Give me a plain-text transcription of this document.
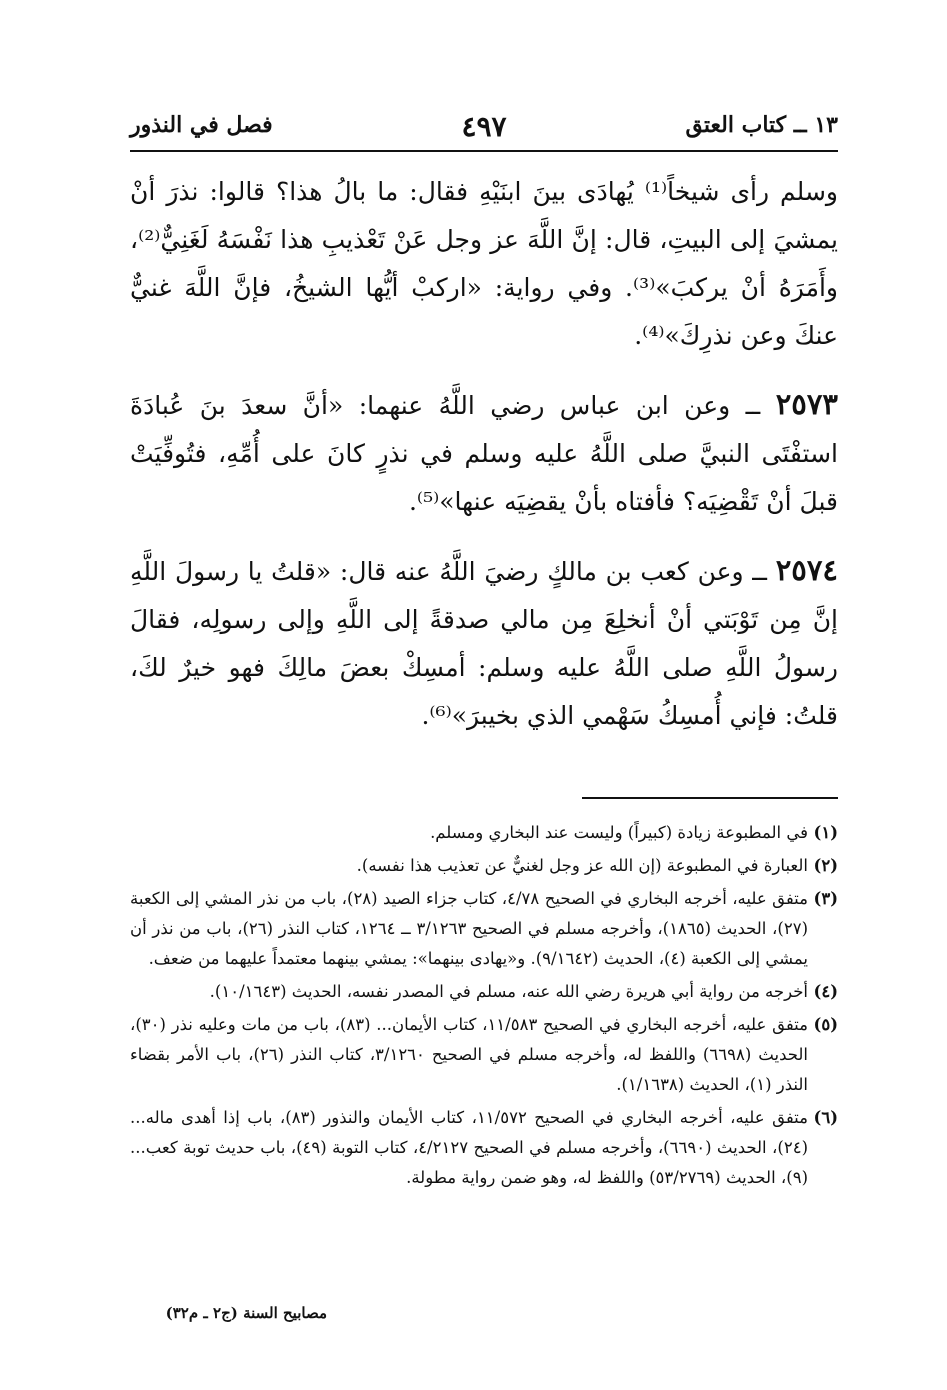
١٣ ــ كتاب العتق
٤٩٧
فصل في النذور

وسلم رأى شيخاً⁽¹⁾ يُهادَى بينَ ابنَيْهِ فقال: ما بالُ هذا؟ قالوا: نذرَ أنْ يمشيَ إلى البيتِ، قال: إنَّ اللَّهَ عز وجل عَنْ تَعْذيبِ هذا نَفْسَهُ لَغَنِيٌّ⁽²⁾، وأَمَرَهُ أنْ يركبَ»⁽³⁾. وفي رواية: «اركبْ أيُّها الشيخُ، فإنَّ اللَّهَ غنيٌّ عنكَ وعن نذرِكَ»⁽⁴⁾.

٢٥٧٣ ــ وعن ابن عباس رضي اللَّهُ عنهما: «أنَّ سعدَ بنَ عُبادَةَ استفْتَى النبيَّ صلى اللَّهُ عليه وسلم في نذرٍ كانَ على أُمِّهِ، فتُوفِّيَتْ قبلَ أنْ تَقْضِيَه؟ فأفتاه بأنْ يقضِيَه عنها»⁽⁵⁾.

٢٥٧٤ ــ وعن كعب بن مالكٍ رضيَ اللَّهُ عنه قال: «قلتُ يا رسولَ اللَّهِ إنَّ مِن تَوْبَتي أنْ أنخلِعَ مِن مالي صدقةً إلى اللَّهِ وإلى رسولِه، فقالَ رسولُ اللَّهِ صلى اللَّهُ عليه وسلم: أمسِكْ بعضَ مالِكَ فهو خيرٌ لكَ، قلتُ: فإني أُمسِكُ سَهْمي الذي بخيبرَ»⁽⁶⁾.

(١)
في المطبوعة زيادة (كبيراً) وليست عند البخاري ومسلم.
(٢)
العبارة في المطبوعة (إن الله عز وجل لغنيٌّ عن تعذيب هذا نفسه).
(٣)
متفق عليه، أخرجه البخاري في الصحيح ٤/٧٨، كتاب جزاء الصيد (٢٨)، باب من نذر المشي إلى الكعبة (٢٧)، الحديث (١٨٦٥)، وأخرجه مسلم في الصحيح ٣/١٢٦٣ ــ ١٢٦٤، كتاب النذر (٢٦)، باب من نذر أن يمشي إلى الكعبة (٤)، الحديث (٩/١٦٤٢). و«يهادى بينهما»: يمشي بينهما معتمداً عليهما من ضعف.
(٤)
أخرجه من رواية أبي هريرة رضي الله عنه، مسلم في المصدر نفسه، الحديث (١٠/١٦٤٣).
(٥)
متفق عليه، أخرجه البخاري في الصحيح ١١/٥٨٣، كتاب الأيمان... (٨٣)، باب من مات وعليه نذر (٣٠)، الحديث (٦٦٩٨) واللفظ له، وأخرجه مسلم في الصحيح ٣/١٢٦٠، كتاب النذر (٢٦)، باب الأمر بقضاء النذر (١)، الحديث (١/١٦٣٨).
(٦)
متفق عليه، أخرجه البخاري في الصحيح ١١/٥٧٢، كتاب الأيمان والنذور (٨٣)، باب إذا أهدى ماله... (٢٤)، الحديث (٦٦٩٠)، وأخرجه مسلم في الصحيح ٤/٢١٢٧، كتاب التوبة (٤٩)، باب حديث توبة كعب... (٩)، الحديث (٥٣/٢٧٦٩) واللفظ له، وهو ضمن رواية مطولة.
مصابيح السنة (ج٢ ـ م٣٢)
